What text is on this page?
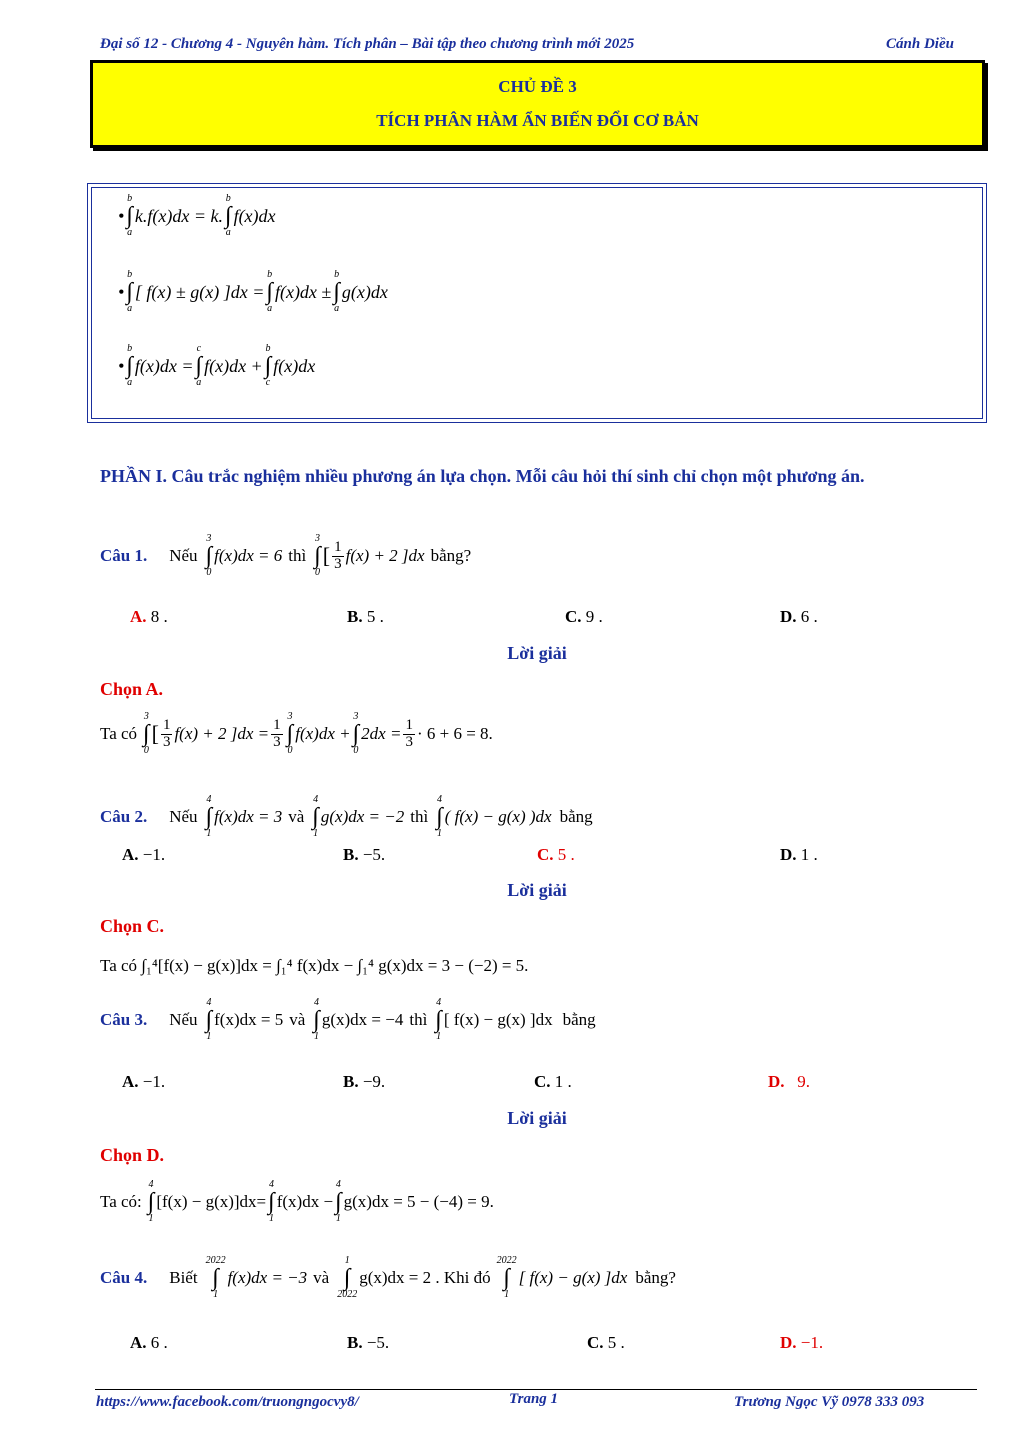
Đại số 12 - Chương 4 - Nguyên hàm. Tích phân – Bài tập theo chương trình mới 2025	Cánh Diều
CHỦ ĐỀ 3
TÍCH PHÂN HÀM ẨN BIẾN ĐỔI CƠ BẢN
•
b
∫
a
k.f(x)dx = k.
b
∫
a
f(x)dx
•
b
∫
a
[ f(x) ± g(x) ]dx =
b
∫
a
f(x)dx ±
b
∫
a
g(x)dx
•
b
∫
a
f(x)dx =
c
∫
a
f(x)dx +
b
∫
c
f(x)dx
PHẦN I. Câu trắc nghiệm nhiều phương án lựa chọn. Mỗi câu hỏi thí sinh chỉ chọn một phương án.
Câu 1. Nếu
3
∫
0
f(x)dx = 6 thì
3
∫
0
[ $\frac{1}{3} f(x) + 2$ ]dx bằng?
A. 8 .	B. 5 .	C. 9 .	D. 6 .
Lời giải
Chọn A.
Ta có
3
∫
0
[ $\frac{1}{3} f(x) + 2$ ]$dx = \frac{1}{3}$
3
∫
0
f(x)dx +
3
∫
0
$2dx = \frac{1}{3} \cdot 6 + 6 = 8$.
Câu 2. Nếu
4
∫
1
f(x)dx = 3 và
4
∫
1
g(x)dx = −2 thì
4
∫
1
( f(x) − g(x) )dx bằng
A. −1.	B. −5.	C. 5 .	D. 1 .
Lời giải
Chọn C.
Ta có ∫₁⁴[f(x) − g(x)]dx = ∫₁⁴ f(x)dx − ∫₁⁴ g(x)dx = 3 − (−2) = 5.
Câu 3. Nếu
4
∫
1
f(x)dx = 5 và
4
∫
1
g(x)dx = −4 thì
4
∫
1
[ f(x) − g(x) ]dx bằng
A. −1.	B. −9.	C. 1 .	D. 9.
Lời giải
Chọn D.
Ta có:
4
∫
1
[f(x) − g(x)]dx=
4
∫
1
f(x)dx −
4
∫
1
g(x)dx = 5 − (−4) = 9.
Câu 4. Biết
2022
∫
1
f(x)dx = −3 và
1
∫
2022
g(x)dx = 2 . Khi đó
2022
∫
1
[ f(x) − g(x) ]dx bằng?
A. 6 .	B. −5.	C. 5 .	D. −1.
https://www.facebook.com/truongngocvy8/	Trang 1	Trương Ngọc Vỹ 0978 333 093
